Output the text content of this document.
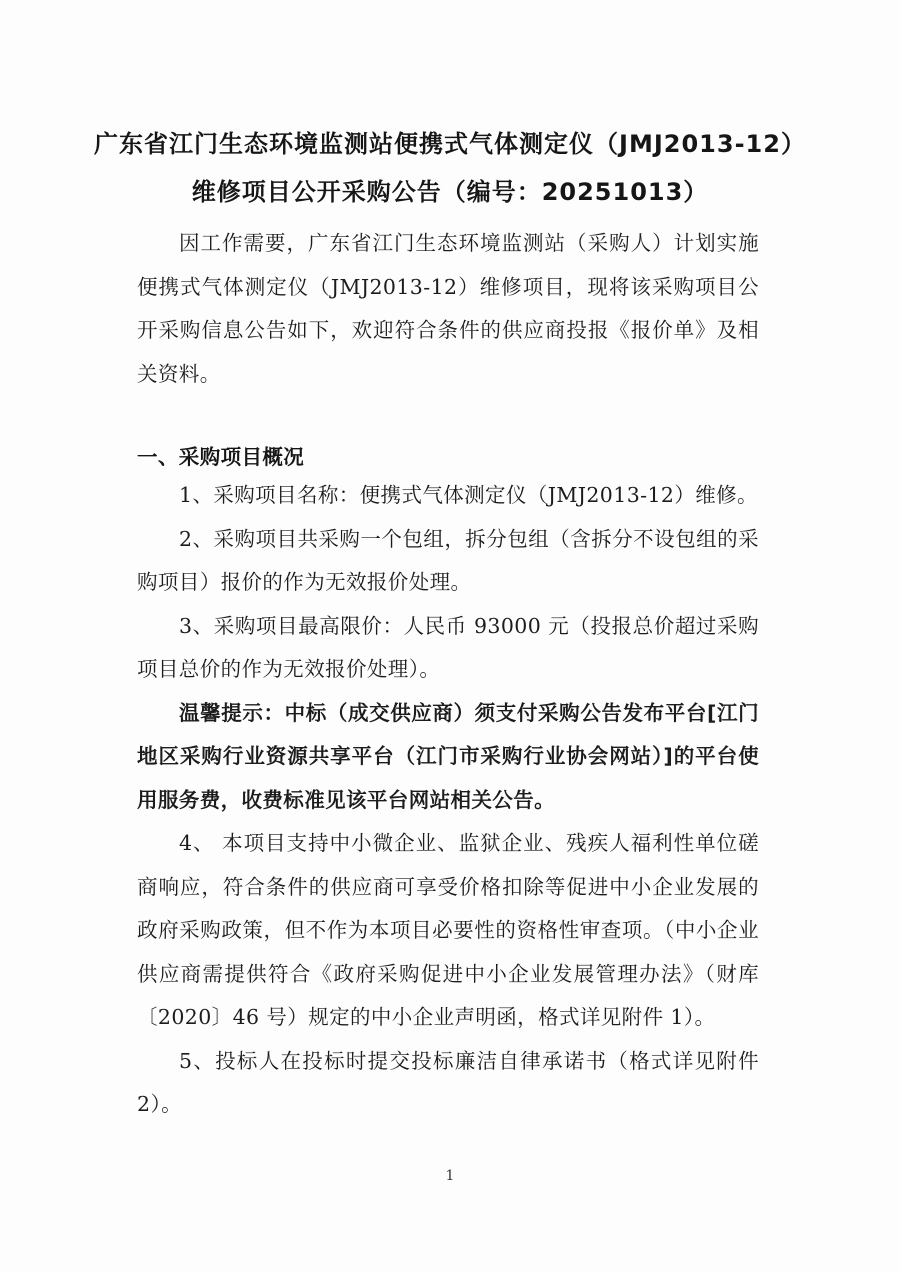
广东省江门生态环境监测站便携式气体测定仪（JMJ2013-12）
维修项目公开采购公告（编号：20251013）

因工作需要，广东省江门生态环境监测站（采购人）计划实施便携式气体测定仪（JMJ2013-12）维修项目，现将该采购项目公开采购信息公告如下，欢迎符合条件的供应商投报《报价单》及相关资料。

一、采购项目概况

1、采购项目名称：便携式气体测定仪（JMJ2013-12）维修。

2、采购项目共采购一个包组，拆分包组（含拆分不设包组的采购项目）报价的作为无效报价处理。

3、采购项目最高限价：人民币 93000 元（投报总价超过采购项目总价的作为无效报价处理）。

温馨提示：中标（成交供应商）须支付采购公告发布平台[江门地区采购行业资源共享平台（江门市采购行业协会网站）]的平台使用服务费，收费标准见该平台网站相关公告。

4、 本项目支持中小微企业、监狱企业、残疾人福利性单位磋商响应，符合条件的供应商可享受价格扣除等促进中小企业发展的政府采购政策，但不作为本项目必要性的资格性审查项。（中小企业供应商需提供符合《政府采购促进中小企业发展管理办法》（财库〔2020〕46 号）规定的中小企业声明函，格式详见附件 1）。

5、投标人在投标时提交投标廉洁自律承诺书（格式详见附件 2）。

1
